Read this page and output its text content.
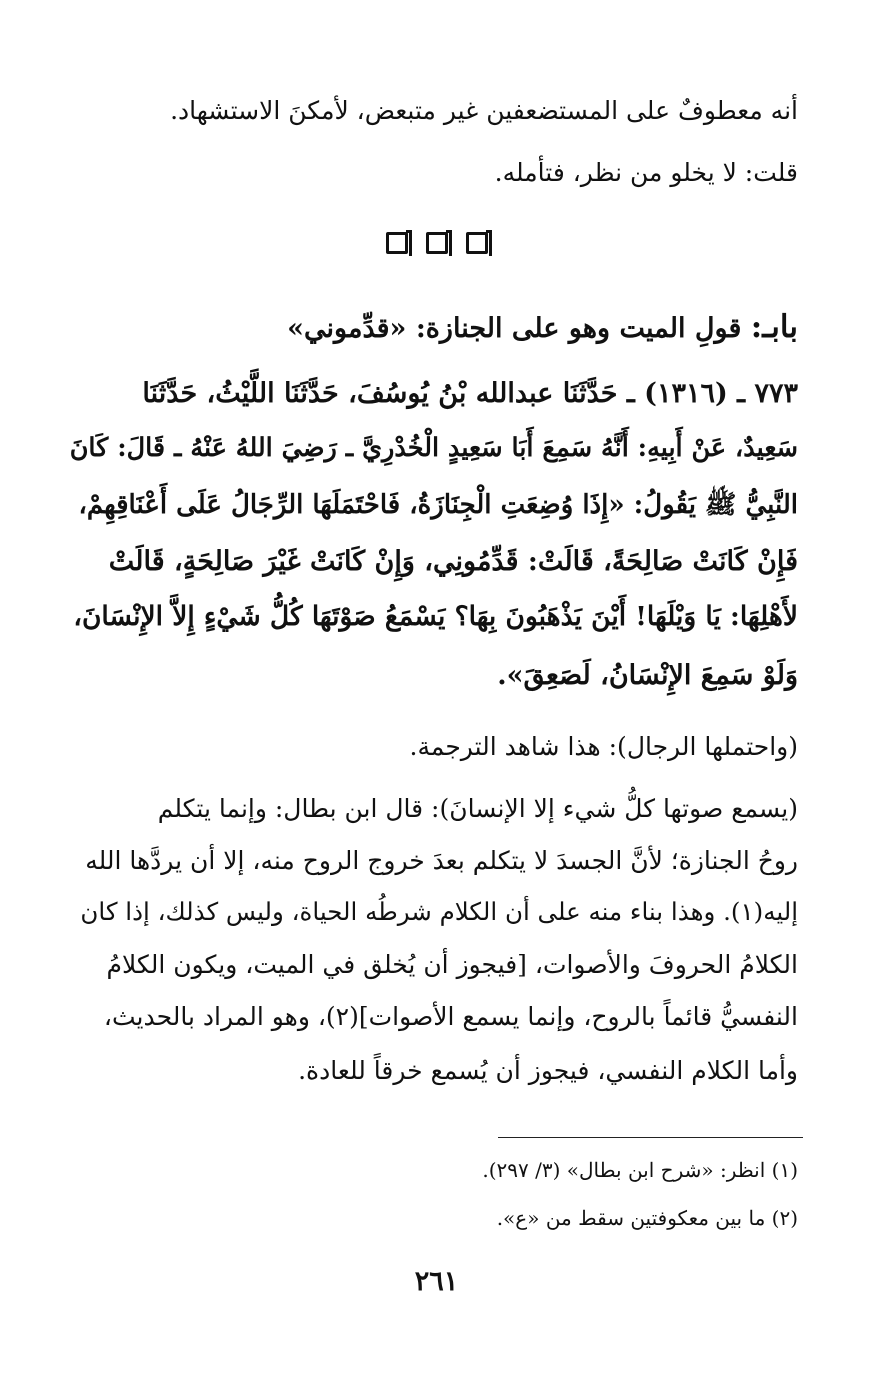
أنه معطوفٌ على المستضعفين غير متبعض، لأمكنَ الاستشهاد.

قلت: لا يخلو من نظر، فتأمله.

بابـ: قولِ الميت وهو على الجنازة: «قدِّموني»

٧٧٣ ـ (١٣١٦) ـ حَدَّثَنَا عبدالله بْنُ يُوسُفَ، حَدَّثَنَا اللَّيْثُ، حَدَّثَنَا

سَعِيدٌ، عَنْ أَبِيهِ: أَنَّهُ سَمِعَ أَبَا سَعِيدٍ الْخُدْرِيَّ ـ رَضِيَ اللهُ عَنْهُ ـ قَالَ: كَانَ

النَّبِيُّ ﷺ يَقُولُ: «إِذَا وُضِعَتِ الْجِنَازَةُ، فَاحْتَمَلَهَا الرِّجَالُ عَلَى أَعْنَاقِهِمْ،

فَإِنْ كَانَتْ صَالِحَةً، قَالَتْ: قَدِّمُونِي، وَإِنْ كَانَتْ غَيْرَ صَالِحَةٍ، قَالَتْ

لأَهْلِهَا: يَا وَيْلَهَا! أَيْنَ يَذْهَبُونَ بِهَا؟ يَسْمَعُ صَوْتَهَا كُلُّ شَيْءٍ إِلاَّ الإِنْسَانَ،

وَلَوْ سَمِعَ الإِنْسَانُ، لَصَعِقَ».

(واحتملها الرجال): هذا شاهد الترجمة.

(يسمع صوتها كلُّ شيء إلا الإنسانَ): قال ابن بطال: وإنما يتكلم

روحُ الجنازة؛ لأنَّ الجسدَ لا يتكلم بعدَ خروج الروح منه، إلا أن يردَّها الله

إليه(١). وهذا بناء منه على أن الكلام شرطُه الحياة، وليس كذلك، إذا كان

الكلامُ الحروفَ والأصوات، [فيجوز أن يُخلق في الميت، ويكون الكلامُ

النفسيُّ قائماً بالروح، وإنما يسمع الأصوات](٢)، وهو المراد بالحديث،

وأما الكلام النفسي، فيجوز أن يُسمع خرقاً للعادة.

(١) انظر: «شرح ابن بطال» (٣/ ٢٩٧).

(٢) ما بين معكوفتين سقط من «ع».

٢٦١
